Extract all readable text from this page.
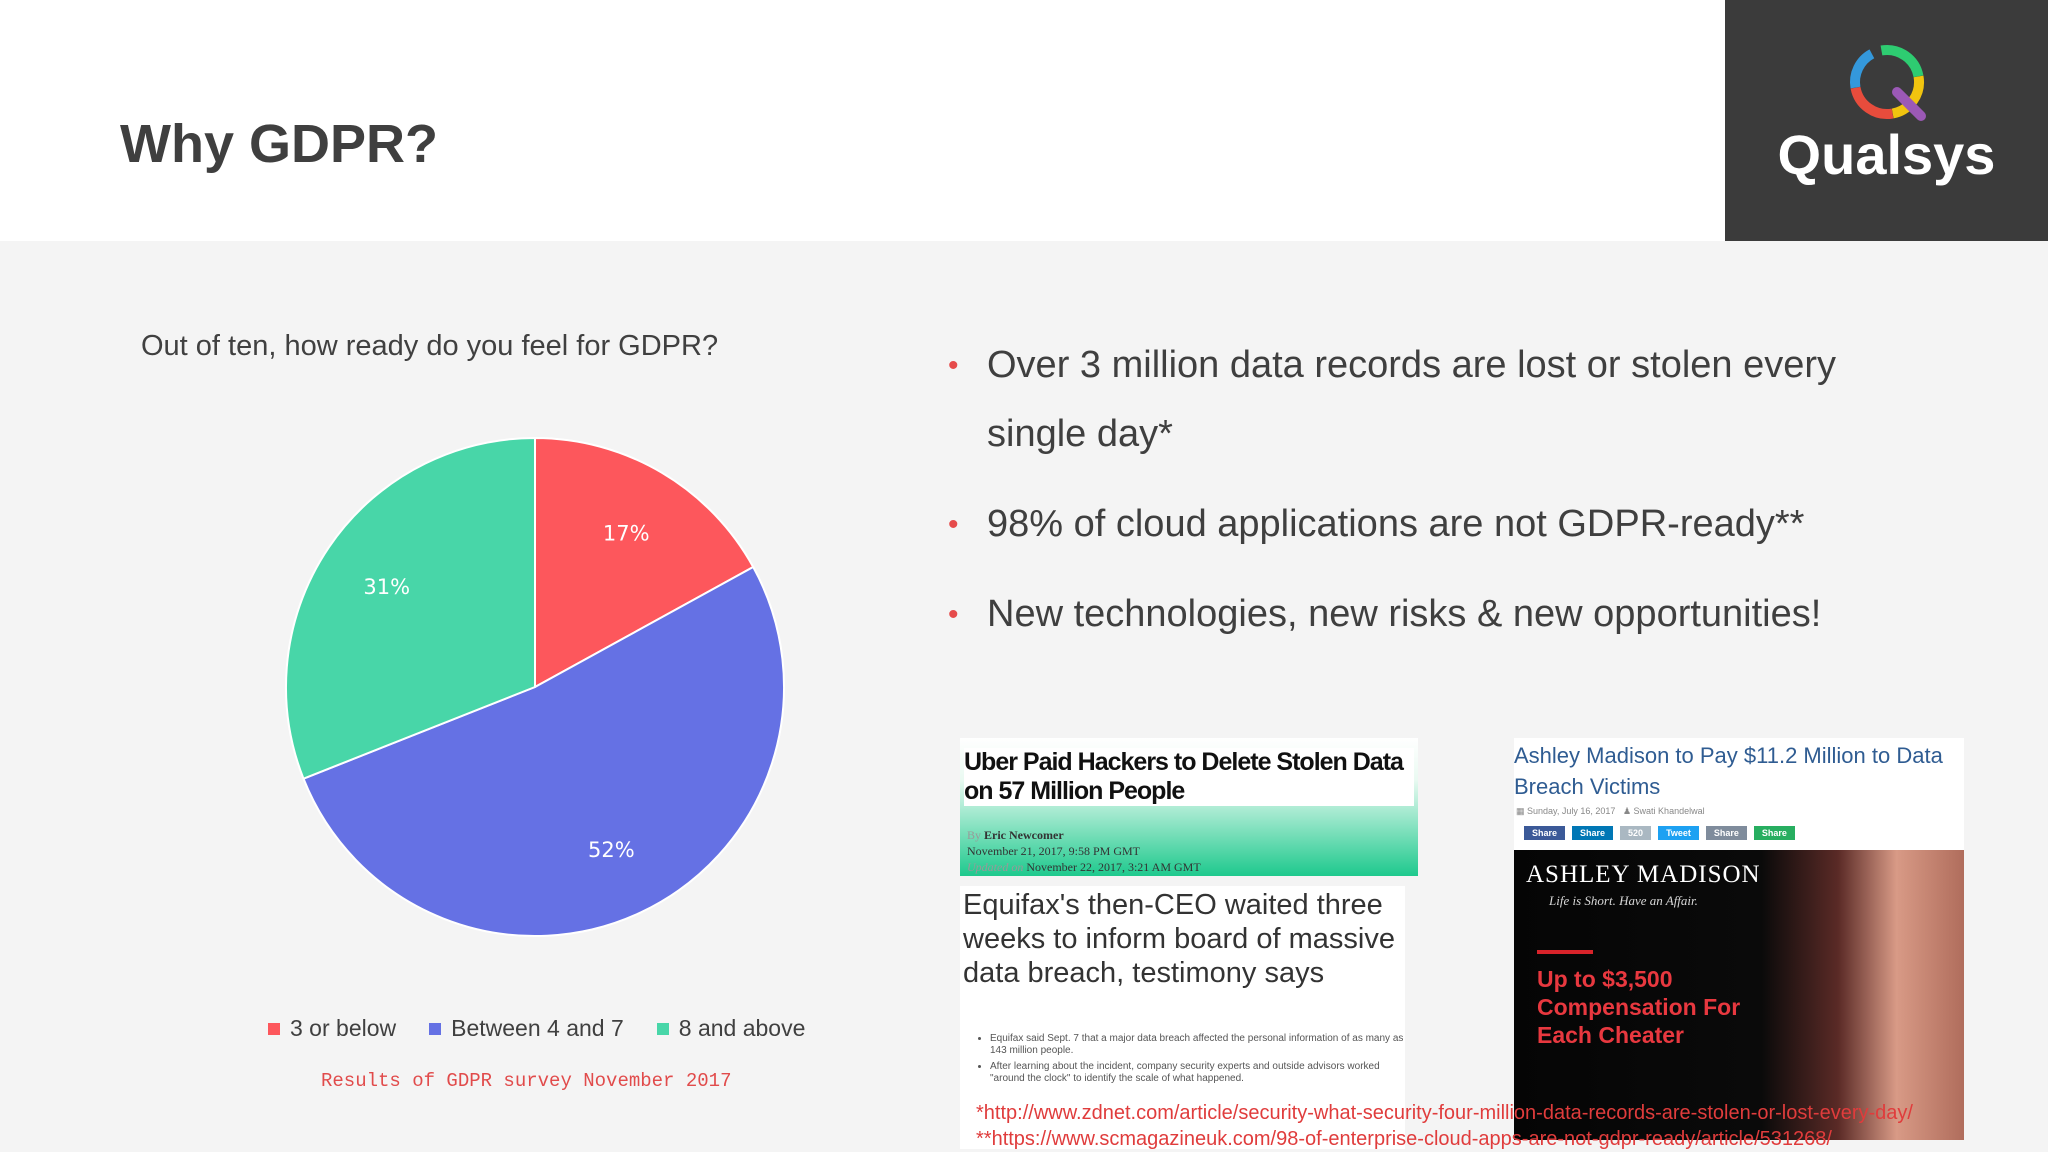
Why GDPR?	Qualsys
Out of ten, how ready do you feel for GDPR?
17%
52%
31%
3 or below Between 4 and 7 8 and above
Results of GDPR survey November 2017
• Over 3 million data records are lost or stolen every single day*
• 98% of cloud applications are not GDPR-ready**
• New technologies, new risks & new opportunities!
Uber Paid Hackers to Delete Stolen Data on 57 Million People
By Eric Newcomer
November 21, 2017, 9:58 PM GMT
Updated on November 22, 2017, 3:21 AM GMT
Equifax's then-CEO waited three weeks to inform board of massive data breach, testimony says
• Equifax said Sept. 7 that a major data breach affected the personal information of as many as 143 million people.
• After learning about the incident, company security experts and outside advisors worked "around the clock" to identify the scale of what happened.
Ashley Madison to Pay $11.2 Million to Data Breach Victims
▦ Sunday, July 16, 2017 ♟ Swati Khandelwal
Share	Share	520	Tweet	Share	Share
ASHLEY MADISON
Life is Short. Have an Affair.
Up to $3,500 Compensation For Each Cheater
*http://www.zdnet.com/article/security-what-security-four-million-data-records-are-stolen-or-lost-every-day/
**https://www.scmagazineuk.com/98-of-enterprise-cloud-apps-are-not-gdpr-ready/article/531268/
